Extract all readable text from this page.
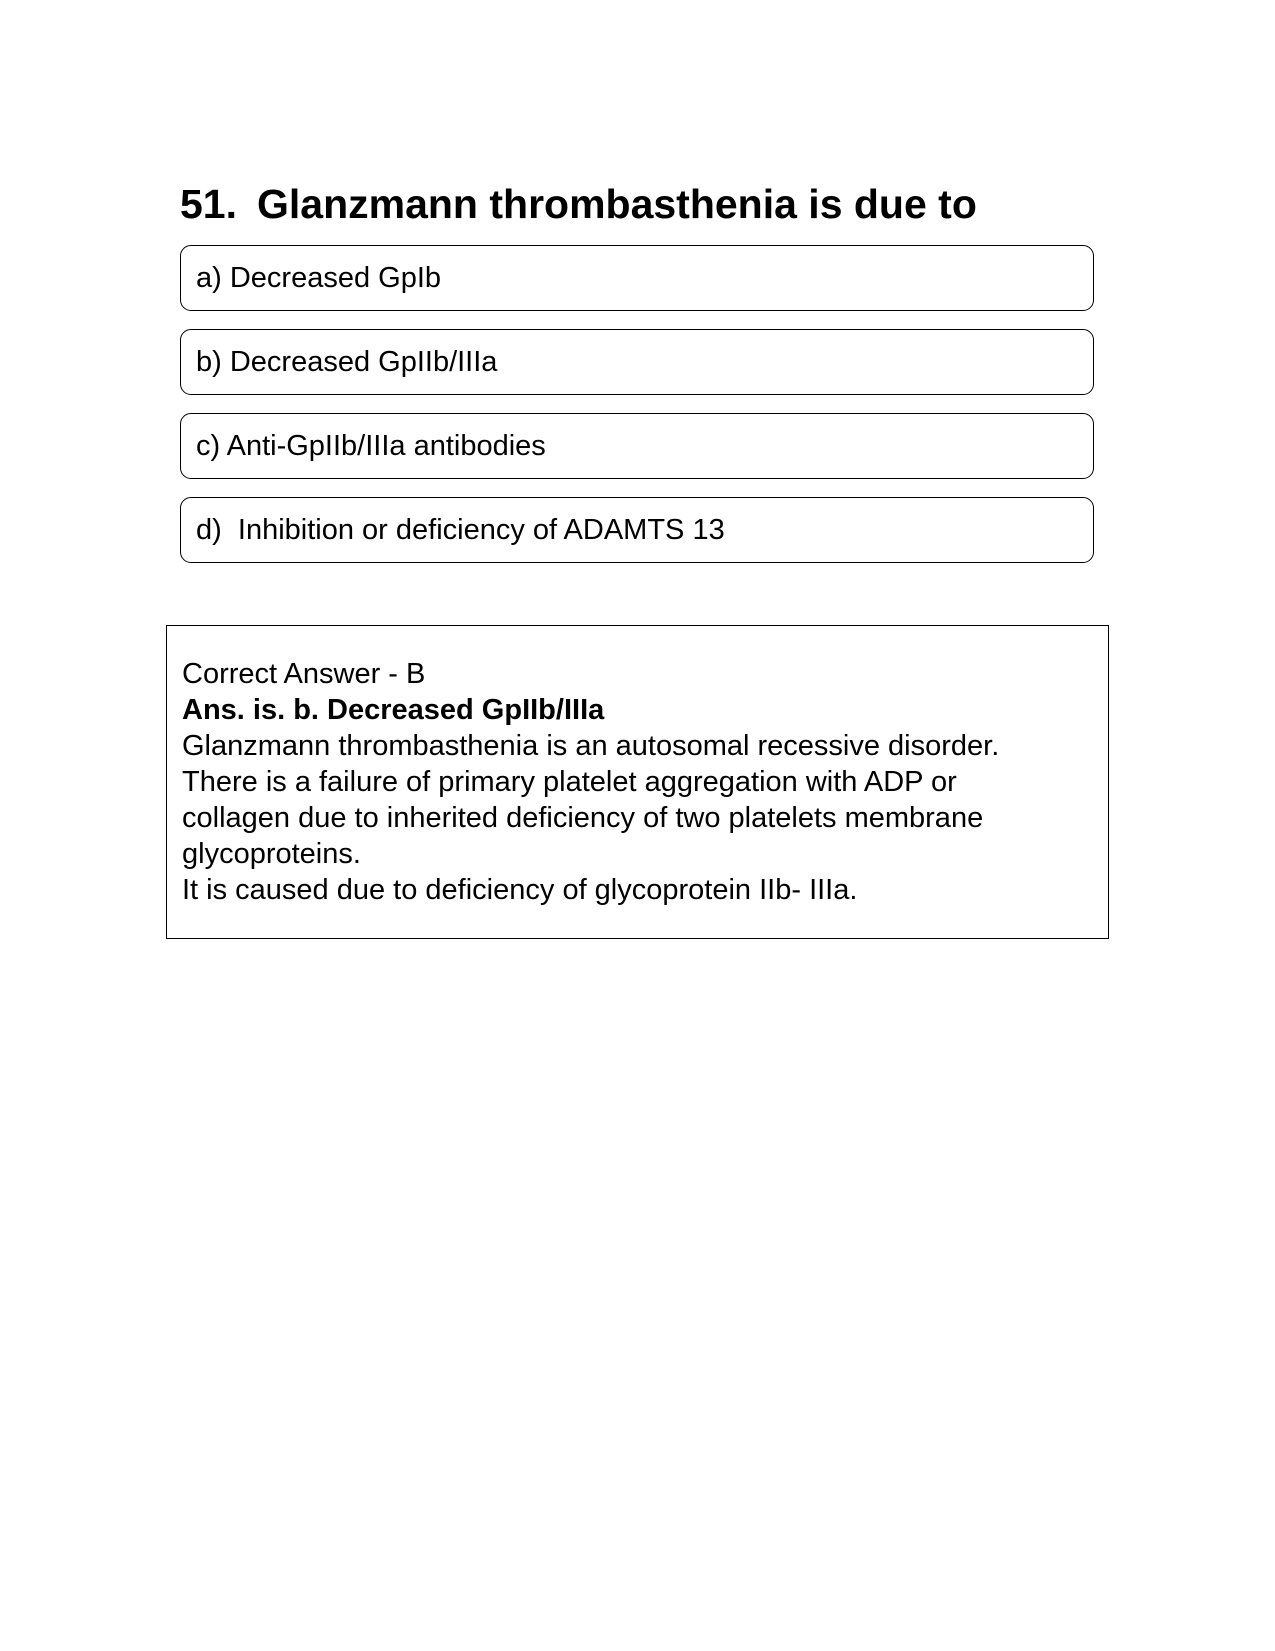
51. Glanzmann thrombasthenia is due to
a) Decreased GpIb
b) Decreased GpIIb/IIIa
c) Anti-GpIIb/IIIa antibodies
d)  Inhibition or deficiency of ADAMTS 13
Correct Answer - B
Ans. is. b. Decreased GpIIb/IIIa
Glanzmann thrombasthenia is an autosomal recessive disorder.
There is a failure of primary platelet aggregation with ADP or
collagen due to inherited deficiency of two platelets membrane
glycoproteins.
It is caused due to deficiency of glycoprotein IIb- IIIa.
